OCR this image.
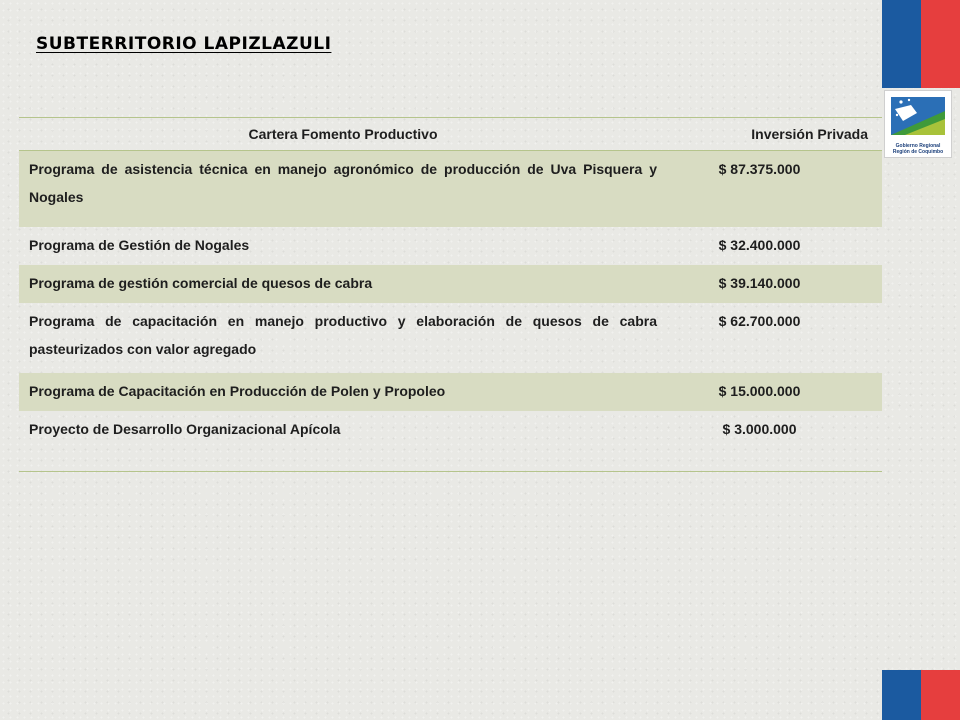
SUBTERRITORIO LAPIZLAZULI
Gobierno Regional Región de Coquimbo
Cartera Fomento Productivo	Inversión Privada
Programa de asistencia técnica en manejo agronómico de producción de Uva Pisquera y Nogales	$ 87.375.000
Programa de Gestión de Nogales	$ 32.400.000
Programa de gestión comercial de quesos de cabra	$ 39.140.000
Programa de capacitación en manejo productivo y elaboración de quesos de cabra pasteurizados con valor agregado	$ 62.700.000
Programa de Capacitación en Producción de Polen y Propoleo	$ 15.000.000
Proyecto de Desarrollo Organizacional Apícola	$ 3.000.000
